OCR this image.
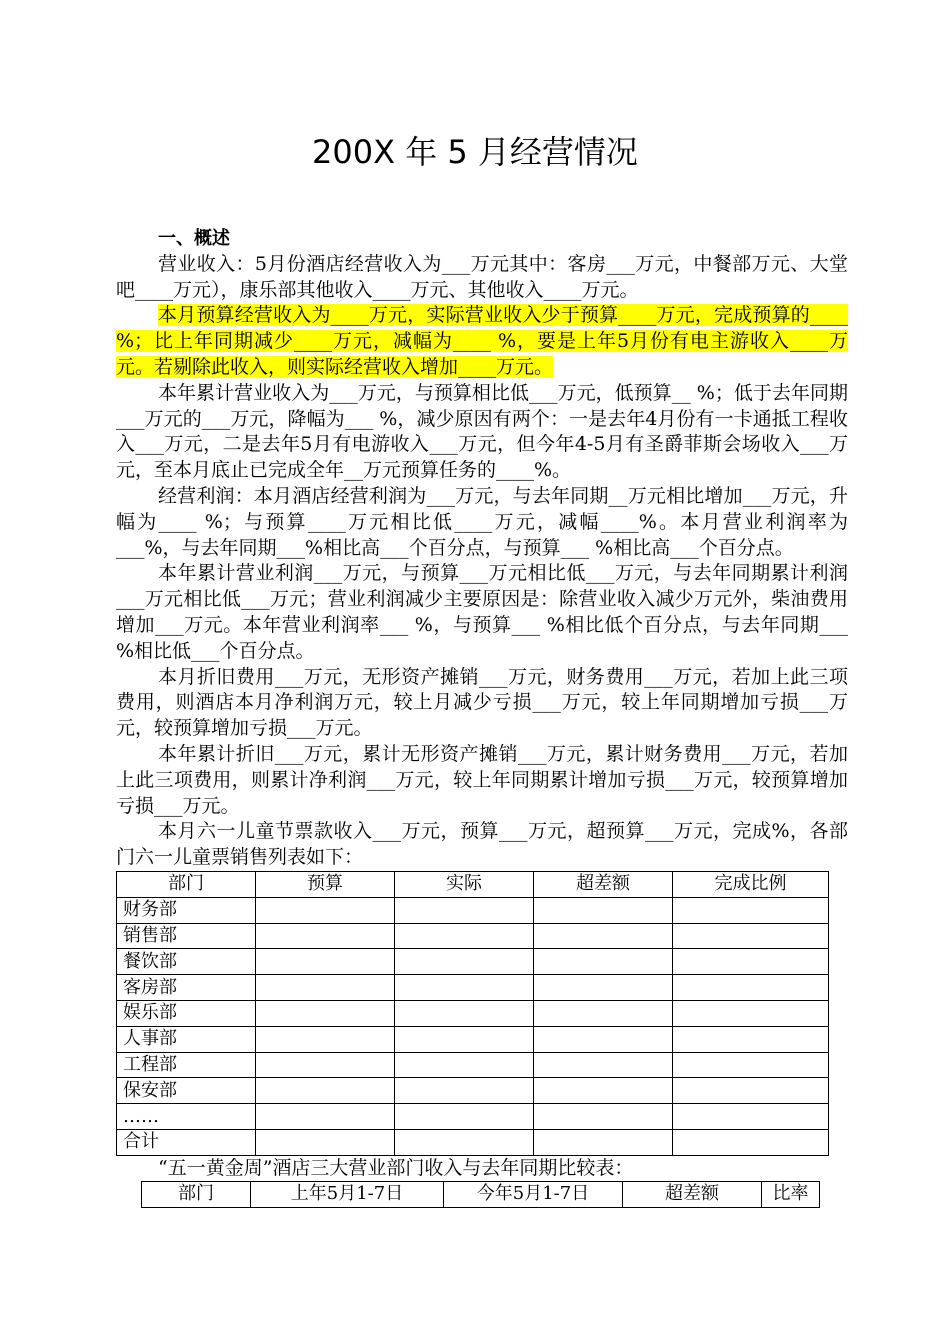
200X 年 5 月经营情况
一、概述

营业收入：5月份酒店经营收入为___万元其中：客房___万元，中餐部万元、大堂吧____万元），康乐部其他收入____万元、其他收入____万元。

本月预算经营收入为____万元，实际营业收入少于预算____万元，完成预算的____ %；比上年同期减少____万元，减幅为____ %，要是上年5月份有电主游收入____万元。若剔除此收入，则实际经营收入增加____万元。

本年累计营业收入为___万元，与预算相比低___万元，低预算__ %；低于去年同期___万元的___万元，降幅为___ %，减少原因有两个：一是去年4月份有一卡通抵工程收入___万元，二是去年5月有电游收入___万元，但今年4-5月有圣爵菲斯会场收入___万元，至本月底止已完成全年__万元预算任务的____%。

经营利润：本月酒店经营利润为___万元，与去年同期__万元相比增加___万元，升幅为____ %；与预算____万元相比低____万元，减幅____%。本月营业利润率为___%，与去年同期___%相比高___个百分点，与预算___ %相比高___个百分点。

本年累计营业利润___万元，与预算___万元相比低___万元，与去年同期累计利润___万元相比低___万元；营业利润减少主要原因是：除营业收入减少万元外，柴油费用增加___万元。本年营业利润率___ %，与预算___ %相比低个百分点，与去年同期___ %相比低___个百分点。

本月折旧费用___万元，无形资产摊销___万元，财务费用___万元，若加上此三项费用，则酒店本月净利润万元，较上月减少亏损___万元，较上年同期增加亏损___万元，较预算增加亏损___万元。

本年累计折旧___万元，累计无形资产摊销___万元，累计财务费用___万元，若加上此三项费用，则累计净利润___万元，较上年同期累计增加亏损___万元，较预算增加亏损___万元。

本月六一儿童节票款收入___万元，预算___万元，超预算___万元，完成%，各部门六一儿童票销售列表如下：

部门	预算	实际	超差额	完成比例
财务部				
销售部				
餐饮部				
客房部				
娱乐部				
人事部				
工程部				
保安部				
……				
合计				
“五一黄金周”酒店三大营业部门收入与去年同期比较表：
部门	上年5月1-7日	今年5月1-7日	超差额	比率
